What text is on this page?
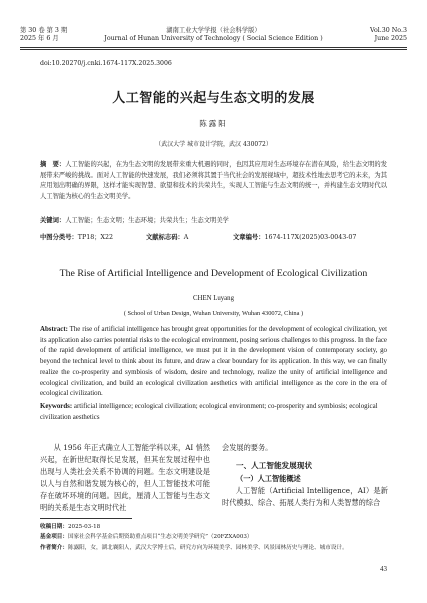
第 30 卷 第 3 期
2025 年 6 月
湖南工业大学学报（社会科学版）
Journal of Hunan University of Technology ( Social Science Edition )
Vol.30 No.3
June 2025
doi:10.20270/j.cnki.1674-117X.2025.3006
人工智能的兴起与生态文明的发展
陈露阳
（武汉大学 城市设计学院，武汉 430072）
摘　要：人工智能的兴起，在为生态文明的发展带来重大机遇的同时，也因其应用对生态环境存在潜在风险，给生态文明的发展带来严峻的挑战。面对人工智能的快速发展，我们必须将其置于当代社会的发展视域中，超技术性地去思考它的未来，为其应用划出明确的界限，这样才能实现智慧、欲望和技术的共荣共生，实现人工智能与生态文明的统一，并构建生态文明时代以人工智能为核心的生态文明美学。
关键词：人工智能；生态文明；生态环境；共荣共生；生态文明美学
中图分类号：TP18；X22	文献标志码：A	文章编号：1674-117X(2025)03-0043-07
The Rise of Artificial Intelligence and Development of Ecological Civilization
CHEN Luyang
( School of Urban Design, Wuhan University, Wuhan 430072, China )
Abstract: The rise of artificial intelligence has brought great opportunities for the development of ecological civilization, yet its application also carries potential risks to the ecological environment, posing serious challenges to this progress. In the face of the rapid development of artificial intelligence, we must put it in the development vision of contemporary society, go beyond the technical level to think about its future, and draw a clear boundary for its application. In this way, we can finally realize the co-prosperity and symbiosis of wisdom, desire and technology, realize the unity of artificial intelligence and ecological civilization, and build an ecological civilization aesthetics with artificial intelligence as the core in the era of ecological civilization.
Keywords: artificial intelligence; ecological civilization; ecological environment; co-prosperity and symbiosis; ecological civilization aesthetics

从 1956 年正式确立人工智能学科以来，AI 悄然兴起，在新世纪取得长足发展，但其在发展过程中也出现与人类社会关系不协调的问题。生态文明建设是以人与自然和谐发展为核心的，但人工智能技术可能存在破坏环境的问题。因此，厘清人工智能与生态文明的关系是生态文明时代社

会发展的要务。
一、人工智能发展现状
（一）人工智能概述

人工智能（Artificial Intelligence，AI）是新时代模拟、综合、拓展人类行为和人类智慧的综合

收稿日期：2025-03-18
基金项目：国家社会科学基金后期资助重点项目“生态文明美学研究”（20FZXA003）
作者简介：陈露阳，女，湖北襄阳人，武汉大学博士后，研究方向为环境美学、园林美学、风景园林历史与理论、城市设计。
43
